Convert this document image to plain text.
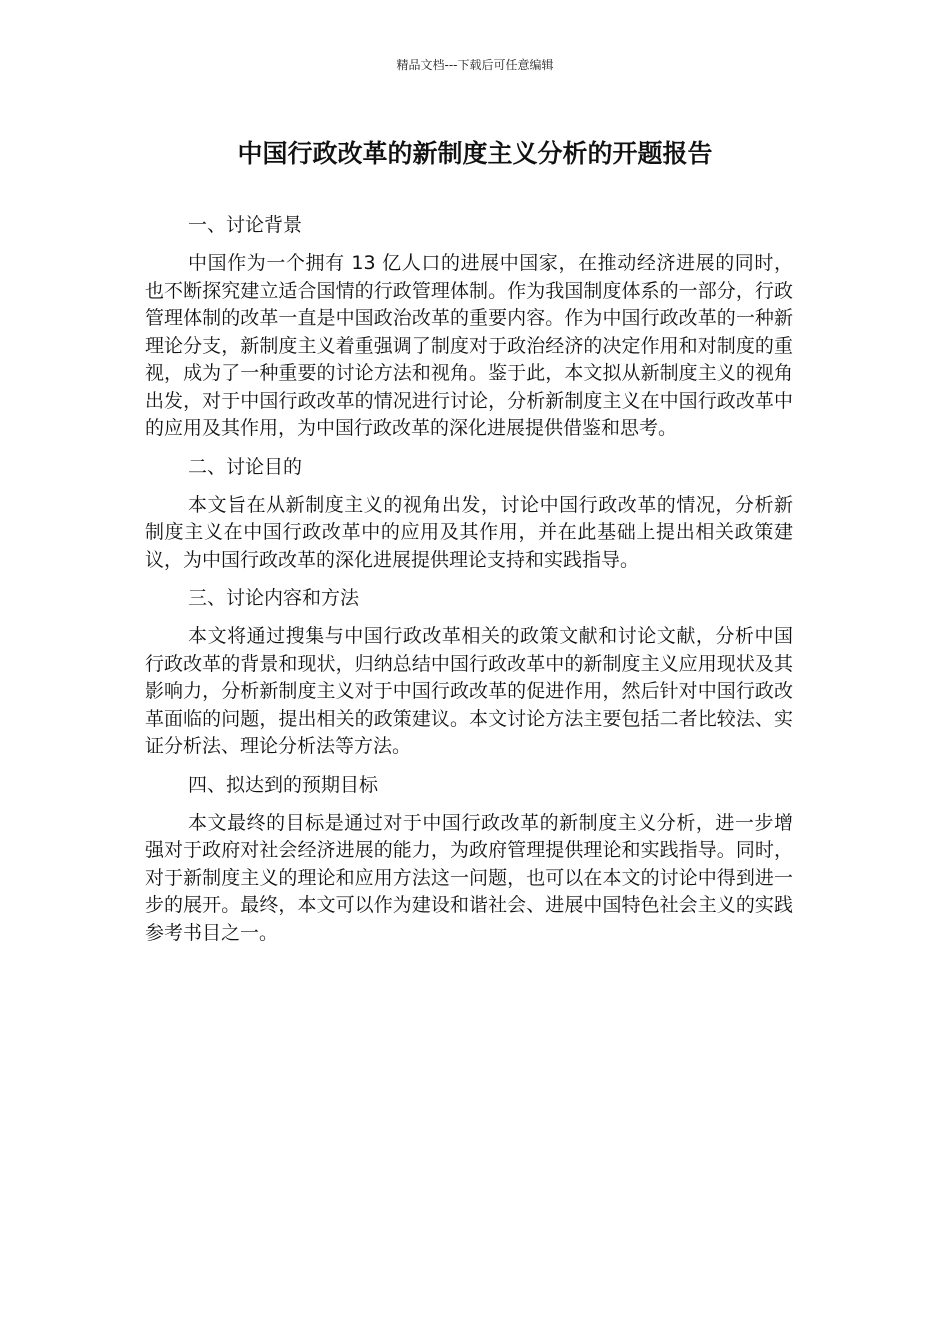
精品文档---下载后可任意编辑
中国行政改革的新制度主义分析的开题报告
一、讨论背景

中国作为一个拥有 13 亿人口的进展中国家，在推动经济进展的同时，也不断探究建立适合国情的行政管理体制。作为我国制度体系的一部分，行政管理体制的改革一直是中国政治改革的重要内容。作为中国行政改革的一种新理论分支，新制度主义着重强调了制度对于政治经济的决定作用和对制度的重视，成为了一种重要的讨论方法和视角。鉴于此，本文拟从新制度主义的视角出发，对于中国行政改革的情况进行讨论，分析新制度主义在中国行政改革中的应用及其作用，为中国行政改革的深化进展提供借鉴和思考。

二、讨论目的

本文旨在从新制度主义的视角出发，讨论中国行政改革的情况，分析新制度主义在中国行政改革中的应用及其作用，并在此基础上提出相关政策建议，为中国行政改革的深化进展提供理论支持和实践指导。

三、讨论内容和方法

本文将通过搜集与中国行政改革相关的政策文献和讨论文献，分析中国行政改革的背景和现状，归纳总结中国行政改革中的新制度主义应用现状及其影响力，分析新制度主义对于中国行政改革的促进作用，然后针对中国行政改革面临的问题，提出相关的政策建议。本文讨论方法主要包括二者比较法、实证分析法、理论分析法等方法。

四、拟达到的预期目标

本文最终的目标是通过对于中国行政改革的新制度主义分析，进一步增强对于政府对社会经济进展的能力，为政府管理提供理论和实践指导。同时，对于新制度主义的理论和应用方法这一问题，也可以在本文的讨论中得到进一步的展开。最终，本文可以作为建设和谐社会、进展中国特色社会主义的实践参考书目之一。
